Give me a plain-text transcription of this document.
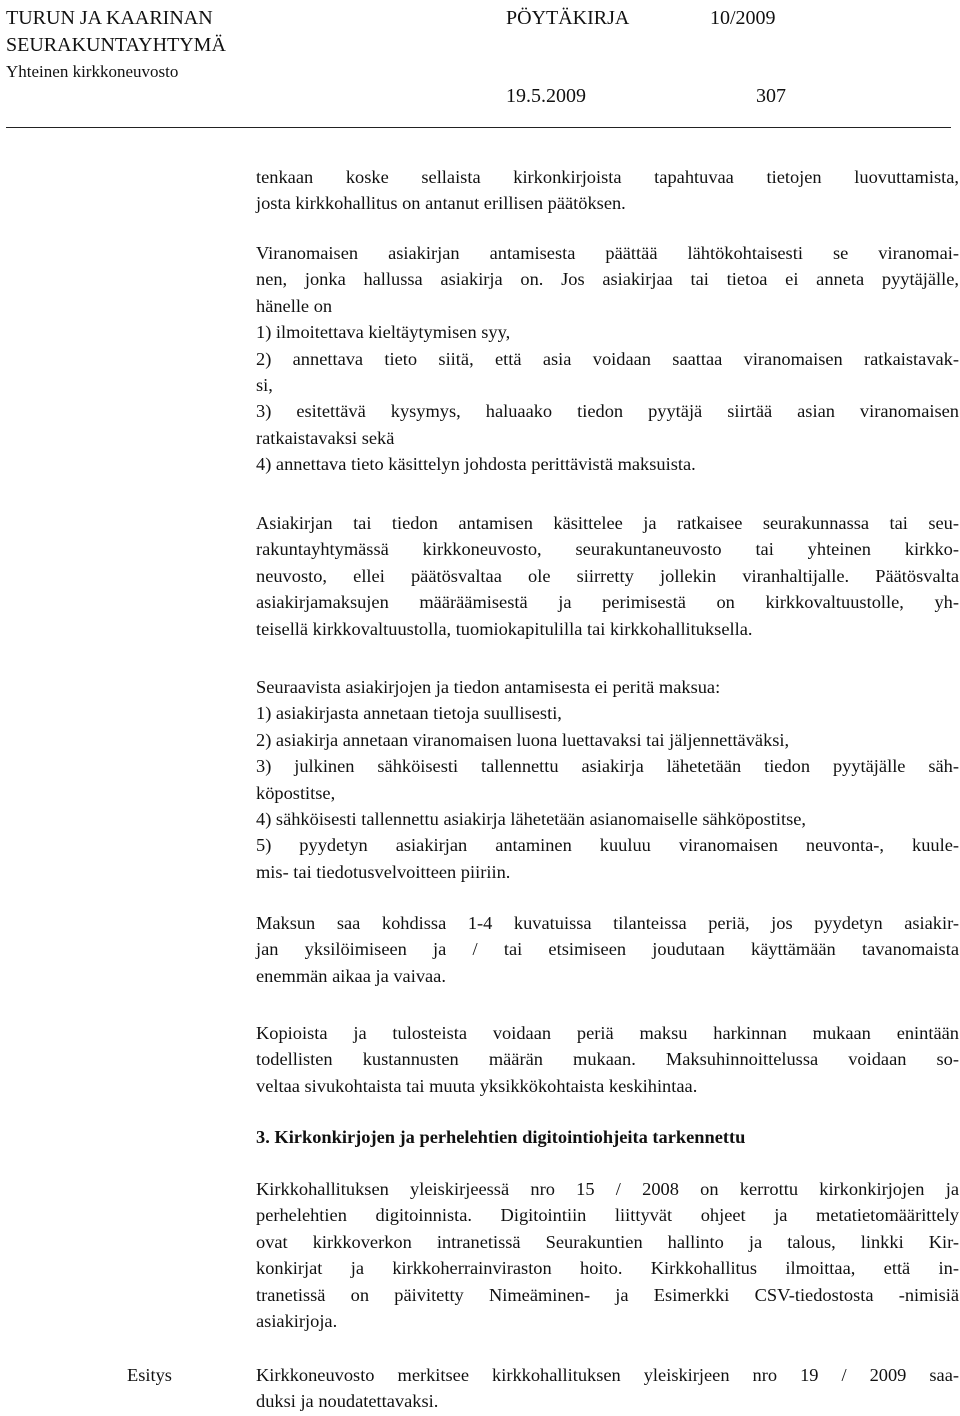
TURUN JA KAARINAN
SEURAKUNTAYHTYMÄ
Yhteinen kirkkoneuvosto
PÖYTÄKIRJA	10/2009
19.5.2009	307
tenkaan koske sellaista kirkonkirjoista tapahtuvaa tietojen luovuttamista,
josta kirkkohallitus on antanut erillisen päätöksen.
Viranomaisen asiakirjan antamisesta päättää lähtökohtaisesti se viranomai-
nen, jonka hallussa asiakirja on. Jos asiakirjaa tai tietoa ei anneta pyytäjälle,
hänelle on
1) ilmoitettava kieltäytymisen syy,
2) annettava tieto siitä, että asia voidaan saattaa viranomaisen ratkaistavak-
si,
3) esitettävä kysymys, haluaako tiedon pyytäjä siirtää asian viranomaisen
ratkaistavaksi sekä
4) annettava tieto käsittelyn johdosta perittävistä maksuista.
Asiakirjan tai tiedon antamisen käsittelee ja ratkaisee seurakunnassa tai seu-
rakuntayhtymässä kirkkoneuvosto, seurakuntaneuvosto tai yhteinen kirkko-
neuvosto, ellei päätösvaltaa ole siirretty jollekin viranhaltijalle. Päätösvalta
asiakirjamaksujen määräämisestä ja perimisestä on kirkkovaltuustolle, yh-
teisellä kirkkovaltuustolla, tuomiokapitulilla tai kirkkohallituksella.
Seuraavista asiakirjojen ja tiedon antamisesta ei peritä maksua:
1) asiakirjasta annetaan tietoja suullisesti,
2) asiakirja annetaan viranomaisen luona luettavaksi tai jäljennettäväksi,
3) julkinen sähköisesti tallennettu asiakirja lähetetään tiedon pyytäjälle säh-
köpostitse,
4) sähköisesti tallennettu asiakirja lähetetään asianomaiselle sähköpostitse,
5) pyydetyn asiakirjan antaminen kuuluu viranomaisen neuvonta-, kuule-
mis- tai tiedotusvelvoitteen piiriin.
Maksun saa kohdissa 1-4 kuvatuissa tilanteissa periä, jos pyydetyn asiakir-
jan yksilöimiseen ja / tai etsimiseen joudutaan käyttämään tavanomaista
enemmän aikaa ja vaivaa.
Kopioista ja tulosteista voidaan periä maksu harkinnan mukaan enintään
todellisten kustannusten määrän mukaan. Maksuhinnoittelussa voidaan so-
veltaa sivukohtaista tai muuta yksikkökohtaista keskihintaa.
3. Kirkonkirjojen ja perhelehtien digitointiohjeita tarkennettu
Kirkkohallituksen yleiskirjeessä nro 15 / 2008 on kerrottu kirkonkirjojen ja
perhelehtien digitoinnista. Digitointiin liittyvät ohjeet ja metatietomäärittely
ovat kirkkoverkon intranetissä Seurakuntien hallinto ja talous, linkki Kir-
konkirjat ja kirkkoherrainviraston hoito. Kirkkohallitus ilmoittaa, että in-
tranetissä on päivitetty Nimeäminen- ja Esimerkki CSV-tiedostosta -nimisiä
asiakirjoja.
Esitys	Kirkkoneuvosto merkitsee kirkkohallituksen yleiskirjeen nro 19 / 2009 saa-
duksi ja noudatettavaksi.
